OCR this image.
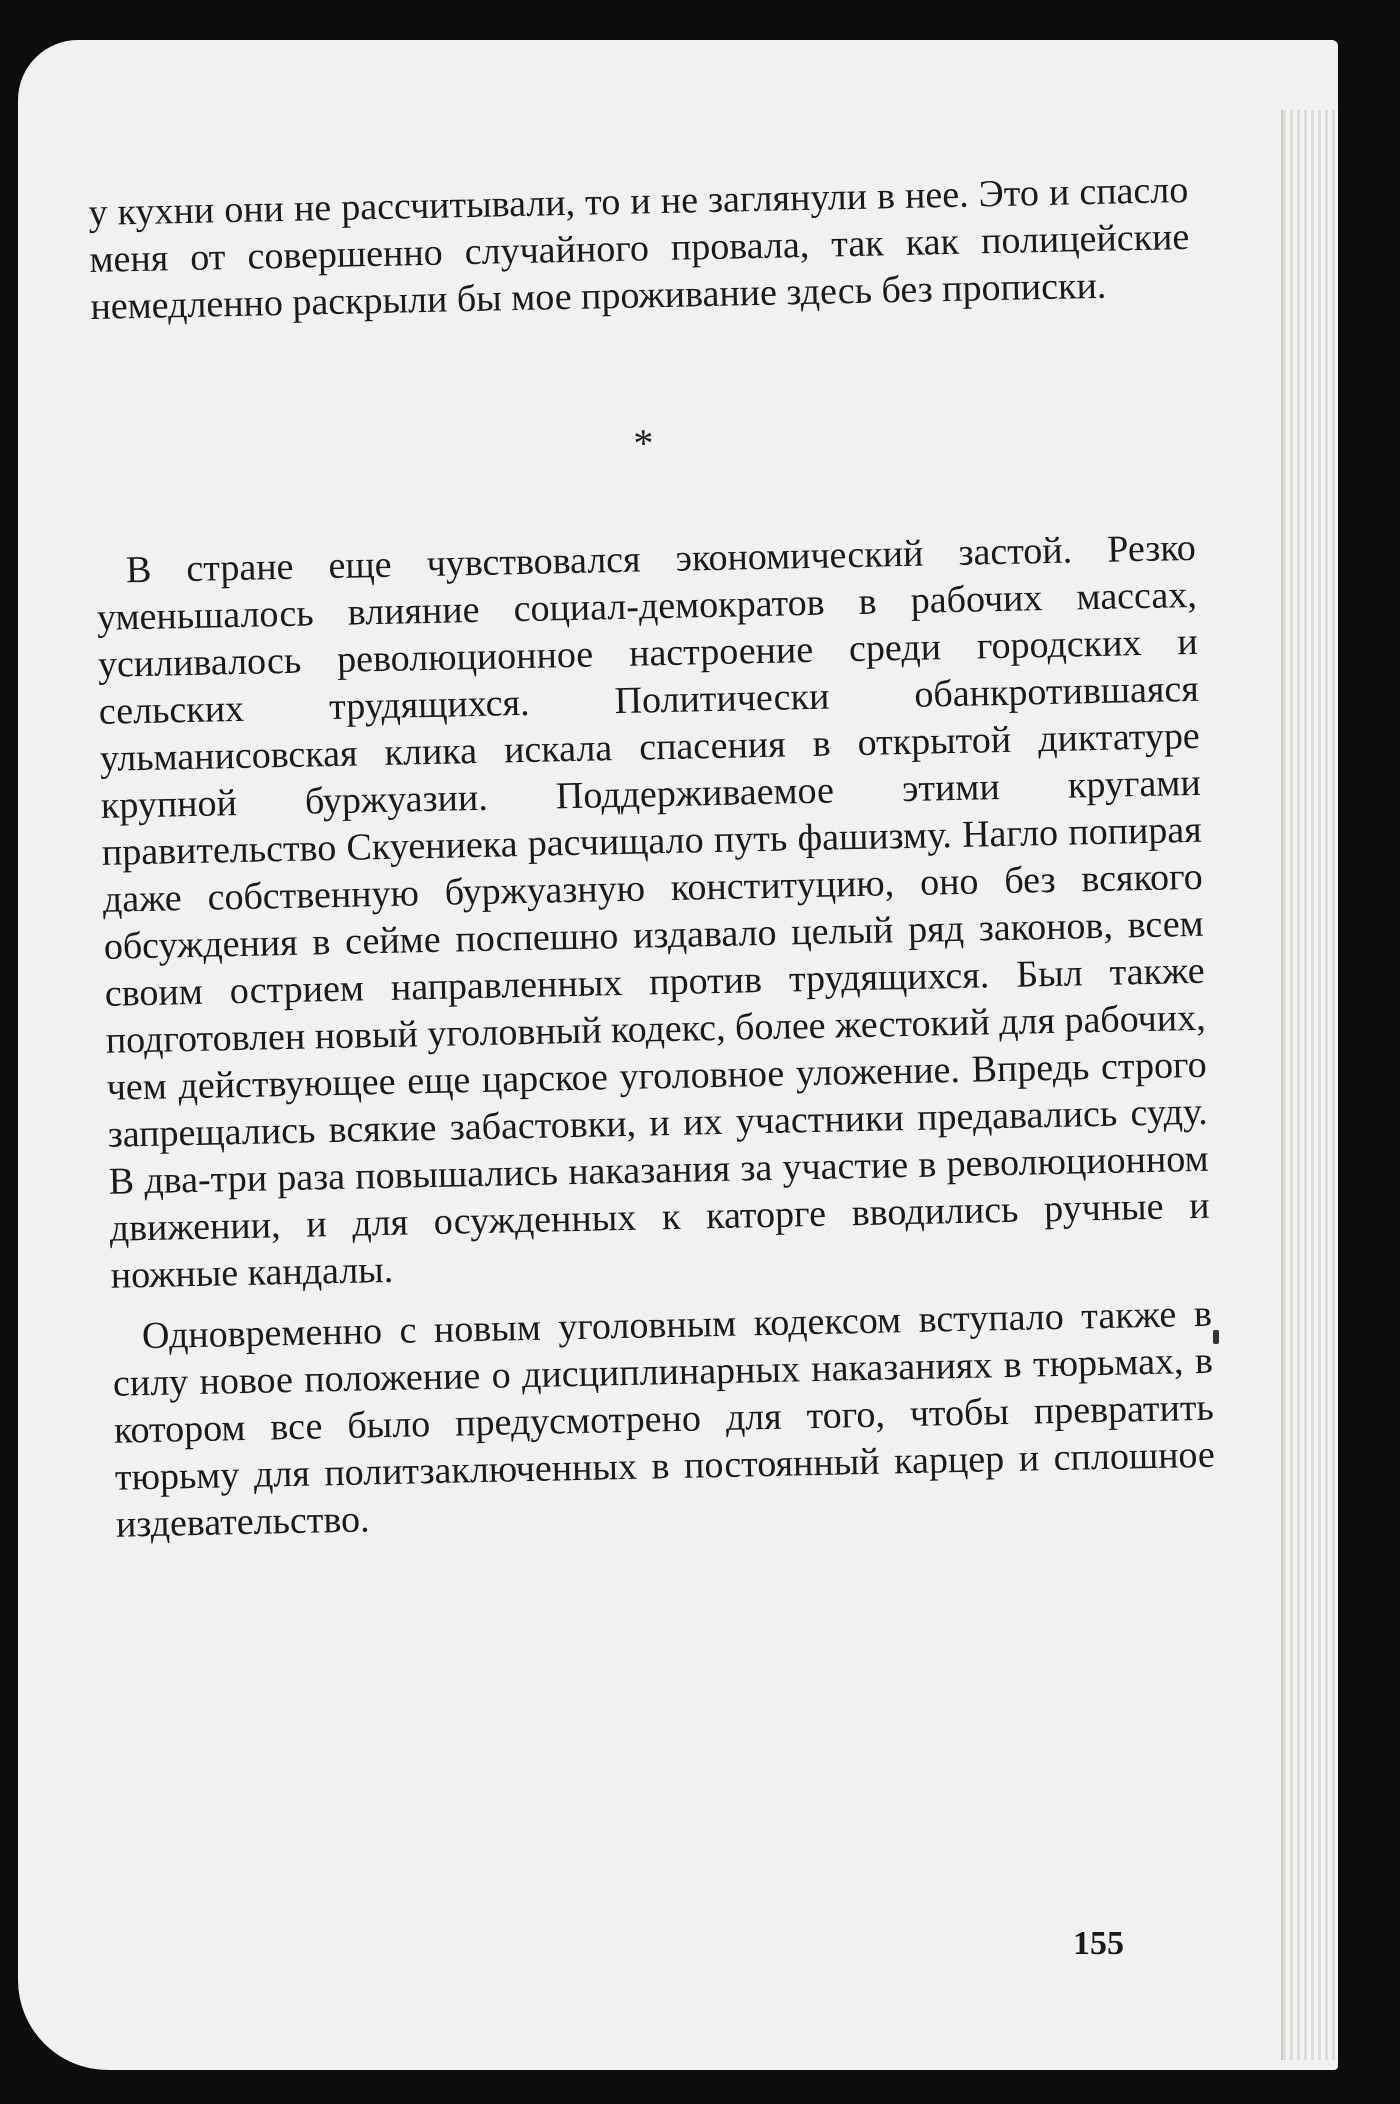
у кухни они не рассчитывали, то и не заглянули в нее. Это и спасло меня от совершенно случайного провала, так как полицейские немедленно раскрыли бы мое проживание здесь без прописки.

*

В стране еще чувствовался экономический застой. Резко уменьшалось влияние социал-демократов в рабочих массах, усиливалось революционное настроение среди городских и сельских трудящихся. Политически обанкротившаяся ульманисовская клика искала спасения в открытой диктатуре крупной буржуазии. Поддерживаемое этими кругами правительство Скуениека расчищало путь фашизму. Нагло попирая даже собственную буржуазную конституцию, оно без всякого обсуждения в сейме поспешно издавало целый ряд законов, всем своим острием направленных против трудящихся. Был также подготовлен новый уголовный кодекс, более жестокий для рабочих, чем действующее еще царское уголовное уложение. Впредь строго запрещались всякие забастовки, и их участники предавались суду. В два-три раза повышались наказания за участие в революционном движении, и для осужденных к каторге вводились ручные и ножные кандалы.

Одновременно с новым уголовным кодексом вступало также в силу новое положение о дисциплинарных наказаниях в тюрьмах, в котором все было предусмотрено для того, чтобы превратить тюрьму для политзаключенных в постоянный карцер и сплошное издевательство.

155
